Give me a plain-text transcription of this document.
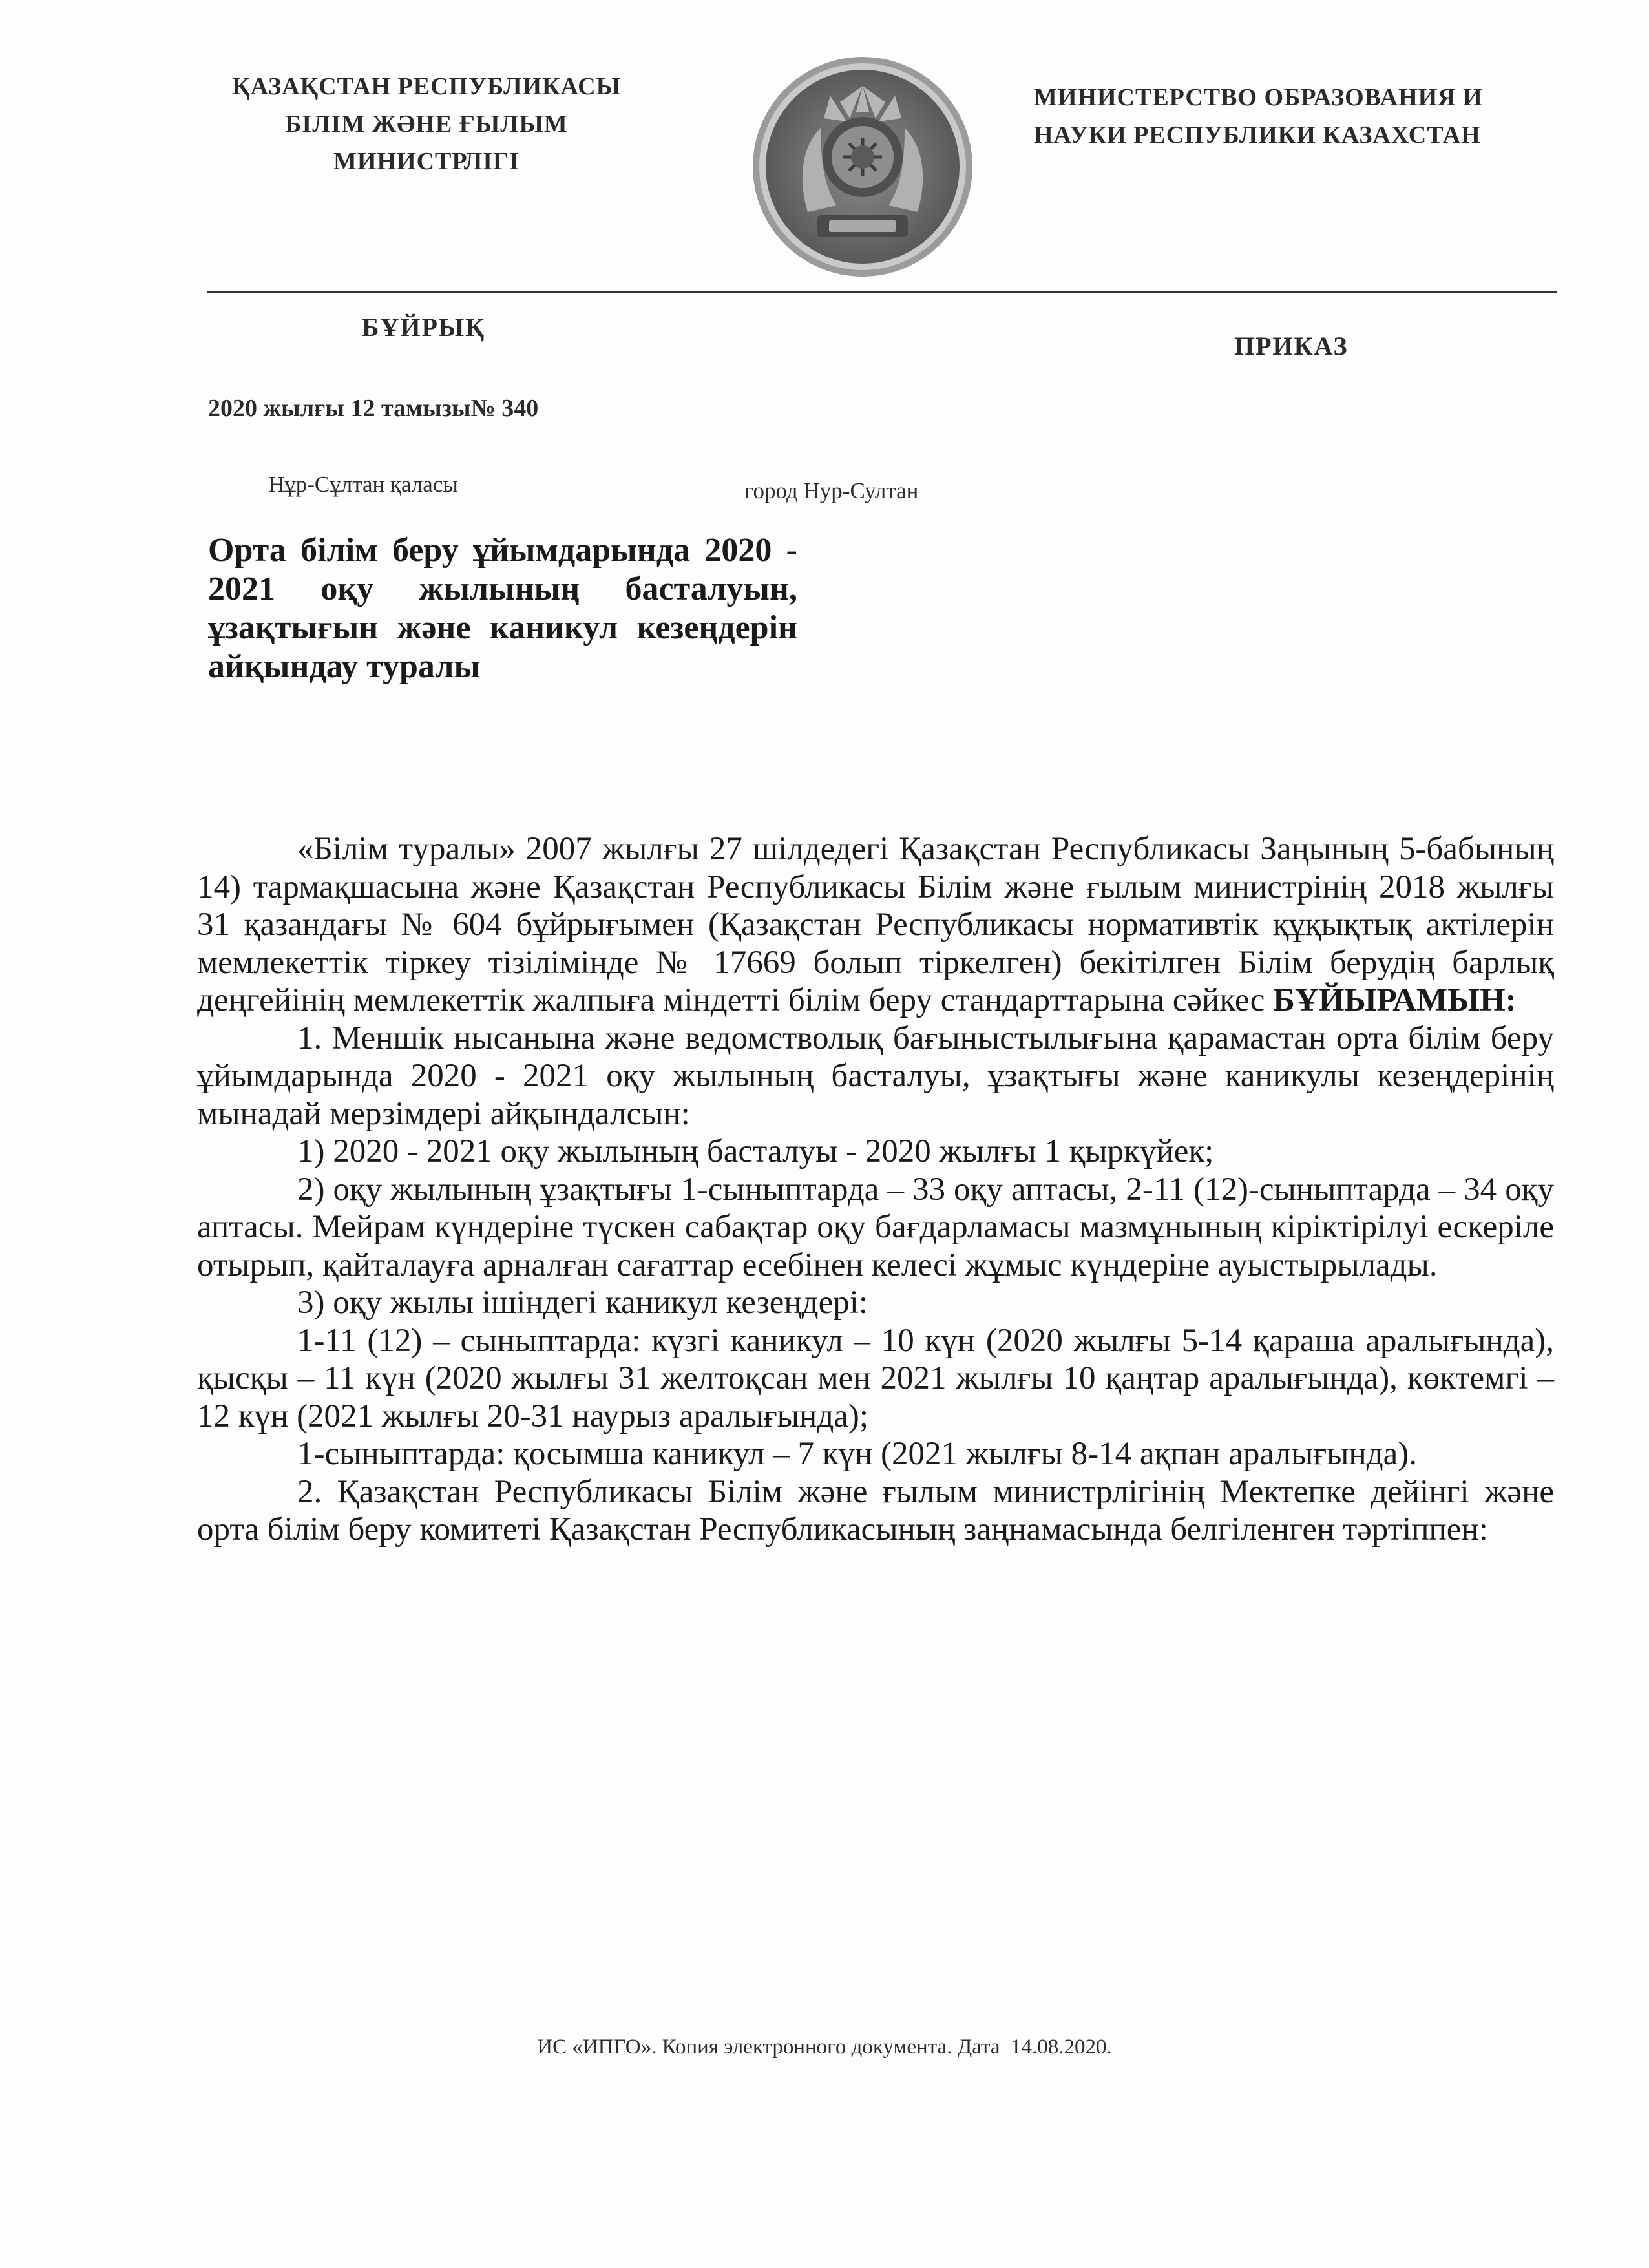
ҚАЗАҚСТАН РЕСПУБЛИКАСЫ
БІЛІМ ЖӘНЕ ҒЫЛЫМ
МИНИСТРЛІГІ
МИНИСТЕРСТВО ОБРАЗОВАНИЯ И
НАУКИ РЕСПУБЛИКИ КАЗАХСТАН
БҰЙРЫҚ
ПРИКАЗ
2020 жылғы 12 тамызы№ 340
Нұр-Сұлтан қаласы	город Нур-Султан
Орта білім беру ұйымдарында 2020 - 2021 оқу жылының басталуын, ұзақтығын және каникул кезеңдерін айқындау туралы

«Білім туралы» 2007 жылғы 27 шілдедегі Қазақстан Республикасы Заңының 5-бабының 14) тармақшасына және Қазақстан Республикасы Білім және ғылым министрінің 2018 жылғы 31 қазандағы № 604 бұйрығымен (Қазақстан Республикасы нормативтік құқықтық актілерін мемлекеттік тіркеу тізілімінде № 17669 болып тіркелген) бекітілген Білім берудің барлық деңгейінің мемлекеттік жалпыға міндетті білім беру стандарттарына сәйкес БҰЙЫРАМЫН:

1. Меншік нысанына және ведомстволық бағыныстылығына қарамастан орта білім беру ұйымдарында 2020 - 2021 оқу жылының басталуы, ұзақтығы және каникулы кезеңдерінің мынадай мерзімдері айқындалсын:

1) 2020 - 2021 оқу жылының басталуы - 2020 жылғы 1 қыркүйек;

2) оқу жылының ұзақтығы 1-сыныптарда – 33 оқу аптасы, 2-11 (12)-сыныптарда – 34 оқу аптасы. Мейрам күндеріне түскен сабақтар оқу бағдарламасы мазмұнының кіріктірілуі ескеріле отырып, қайталауға арналған сағаттар есебінен келесі жұмыс күндеріне ауыстырылады.

3) оқу жылы ішіндегі каникул кезеңдері:

1-11 (12) – сыныптарда: күзгі каникул – 10 күн (2020 жылғы 5-14 қараша аралығында), қысқы – 11 күн (2020 жылғы 31 желтоқсан мен 2021 жылғы 10 қаңтар аралығында), көктемгі – 12 күн (2021 жылғы 20-31 наурыз аралығында);

1-сыныптарда: қосымша каникул – 7 күн (2021 жылғы 8-14 ақпан аралығында).

2. Қазақстан Республикасы Білім және ғылым министрлігінің Мектепке дейінгі және орта білім беру комитеті Қазақстан Республикасының заңнамасында белгіленген тәртіппен:

ИС «ИПГО». Копия электронного документа. Дата  14.08.2020.
